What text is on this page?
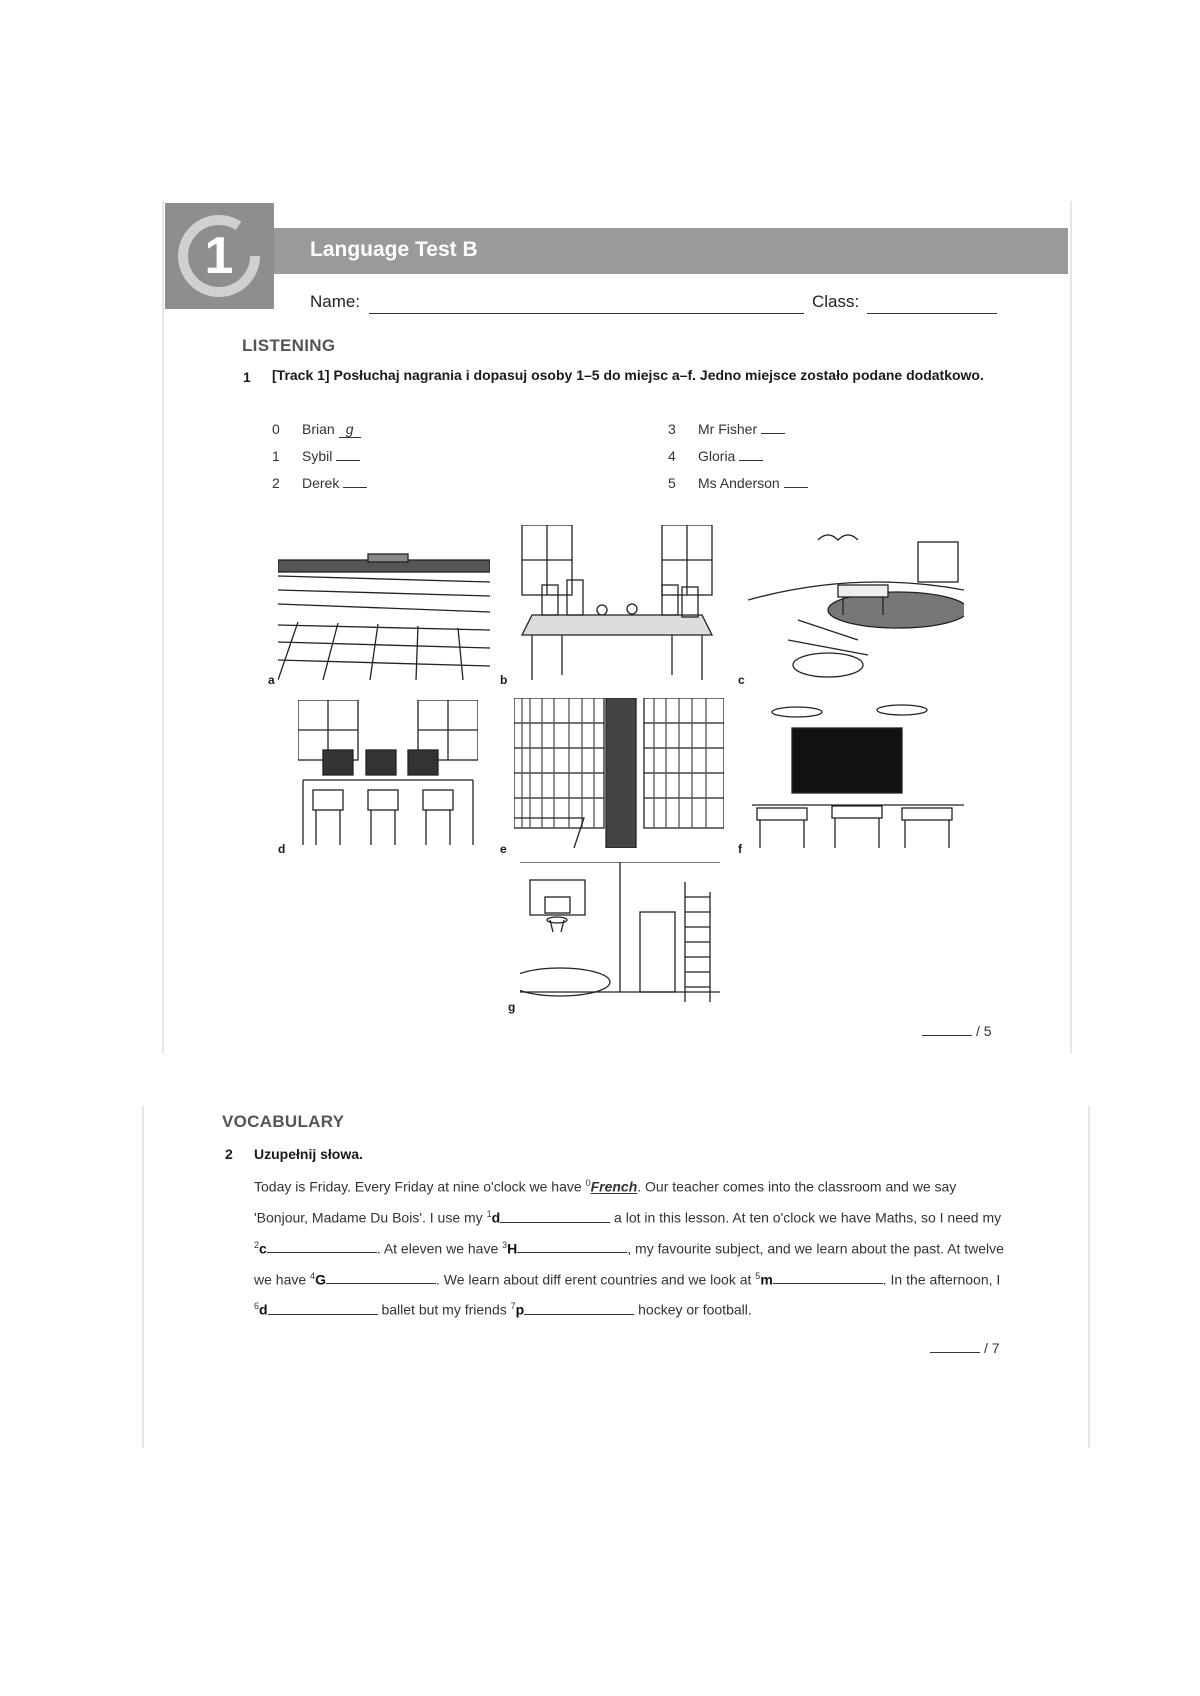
1	Language Test B
Name:	Class:
LISTENING
1 [Track 1] Posłuchaj nagrania i dopasuj osoby 1–5 do miejsc a–f. Jedno miejsce zostało podane dodatkowo.
0 Brian g
1 Sybil
2 Derek
3 Mr Fisher
4 Gloria
5 Ms Anderson
a	b	c
d	e	f
g
/ 5
VOCABULARY
2 Uzupełnij słowa.
Today is Friday. Every Friday at nine o'clock we have $^0$French. Our teacher comes into the classroom and we say 'Bonjour, Madame Du Bois'. I use my $^1$d	a lot in this lesson. At ten o'clock we have Maths, so I need my $^2$c	. At eleven we have $^3$H	, my favourite subject, and we learn about the past. At twelve we have $^4$G	. We learn about diff erent countries and we look at $^5$m	. In the afternoon, I $^6$d	ballet but my friends $^7$p	hockey or football.
/ 7
